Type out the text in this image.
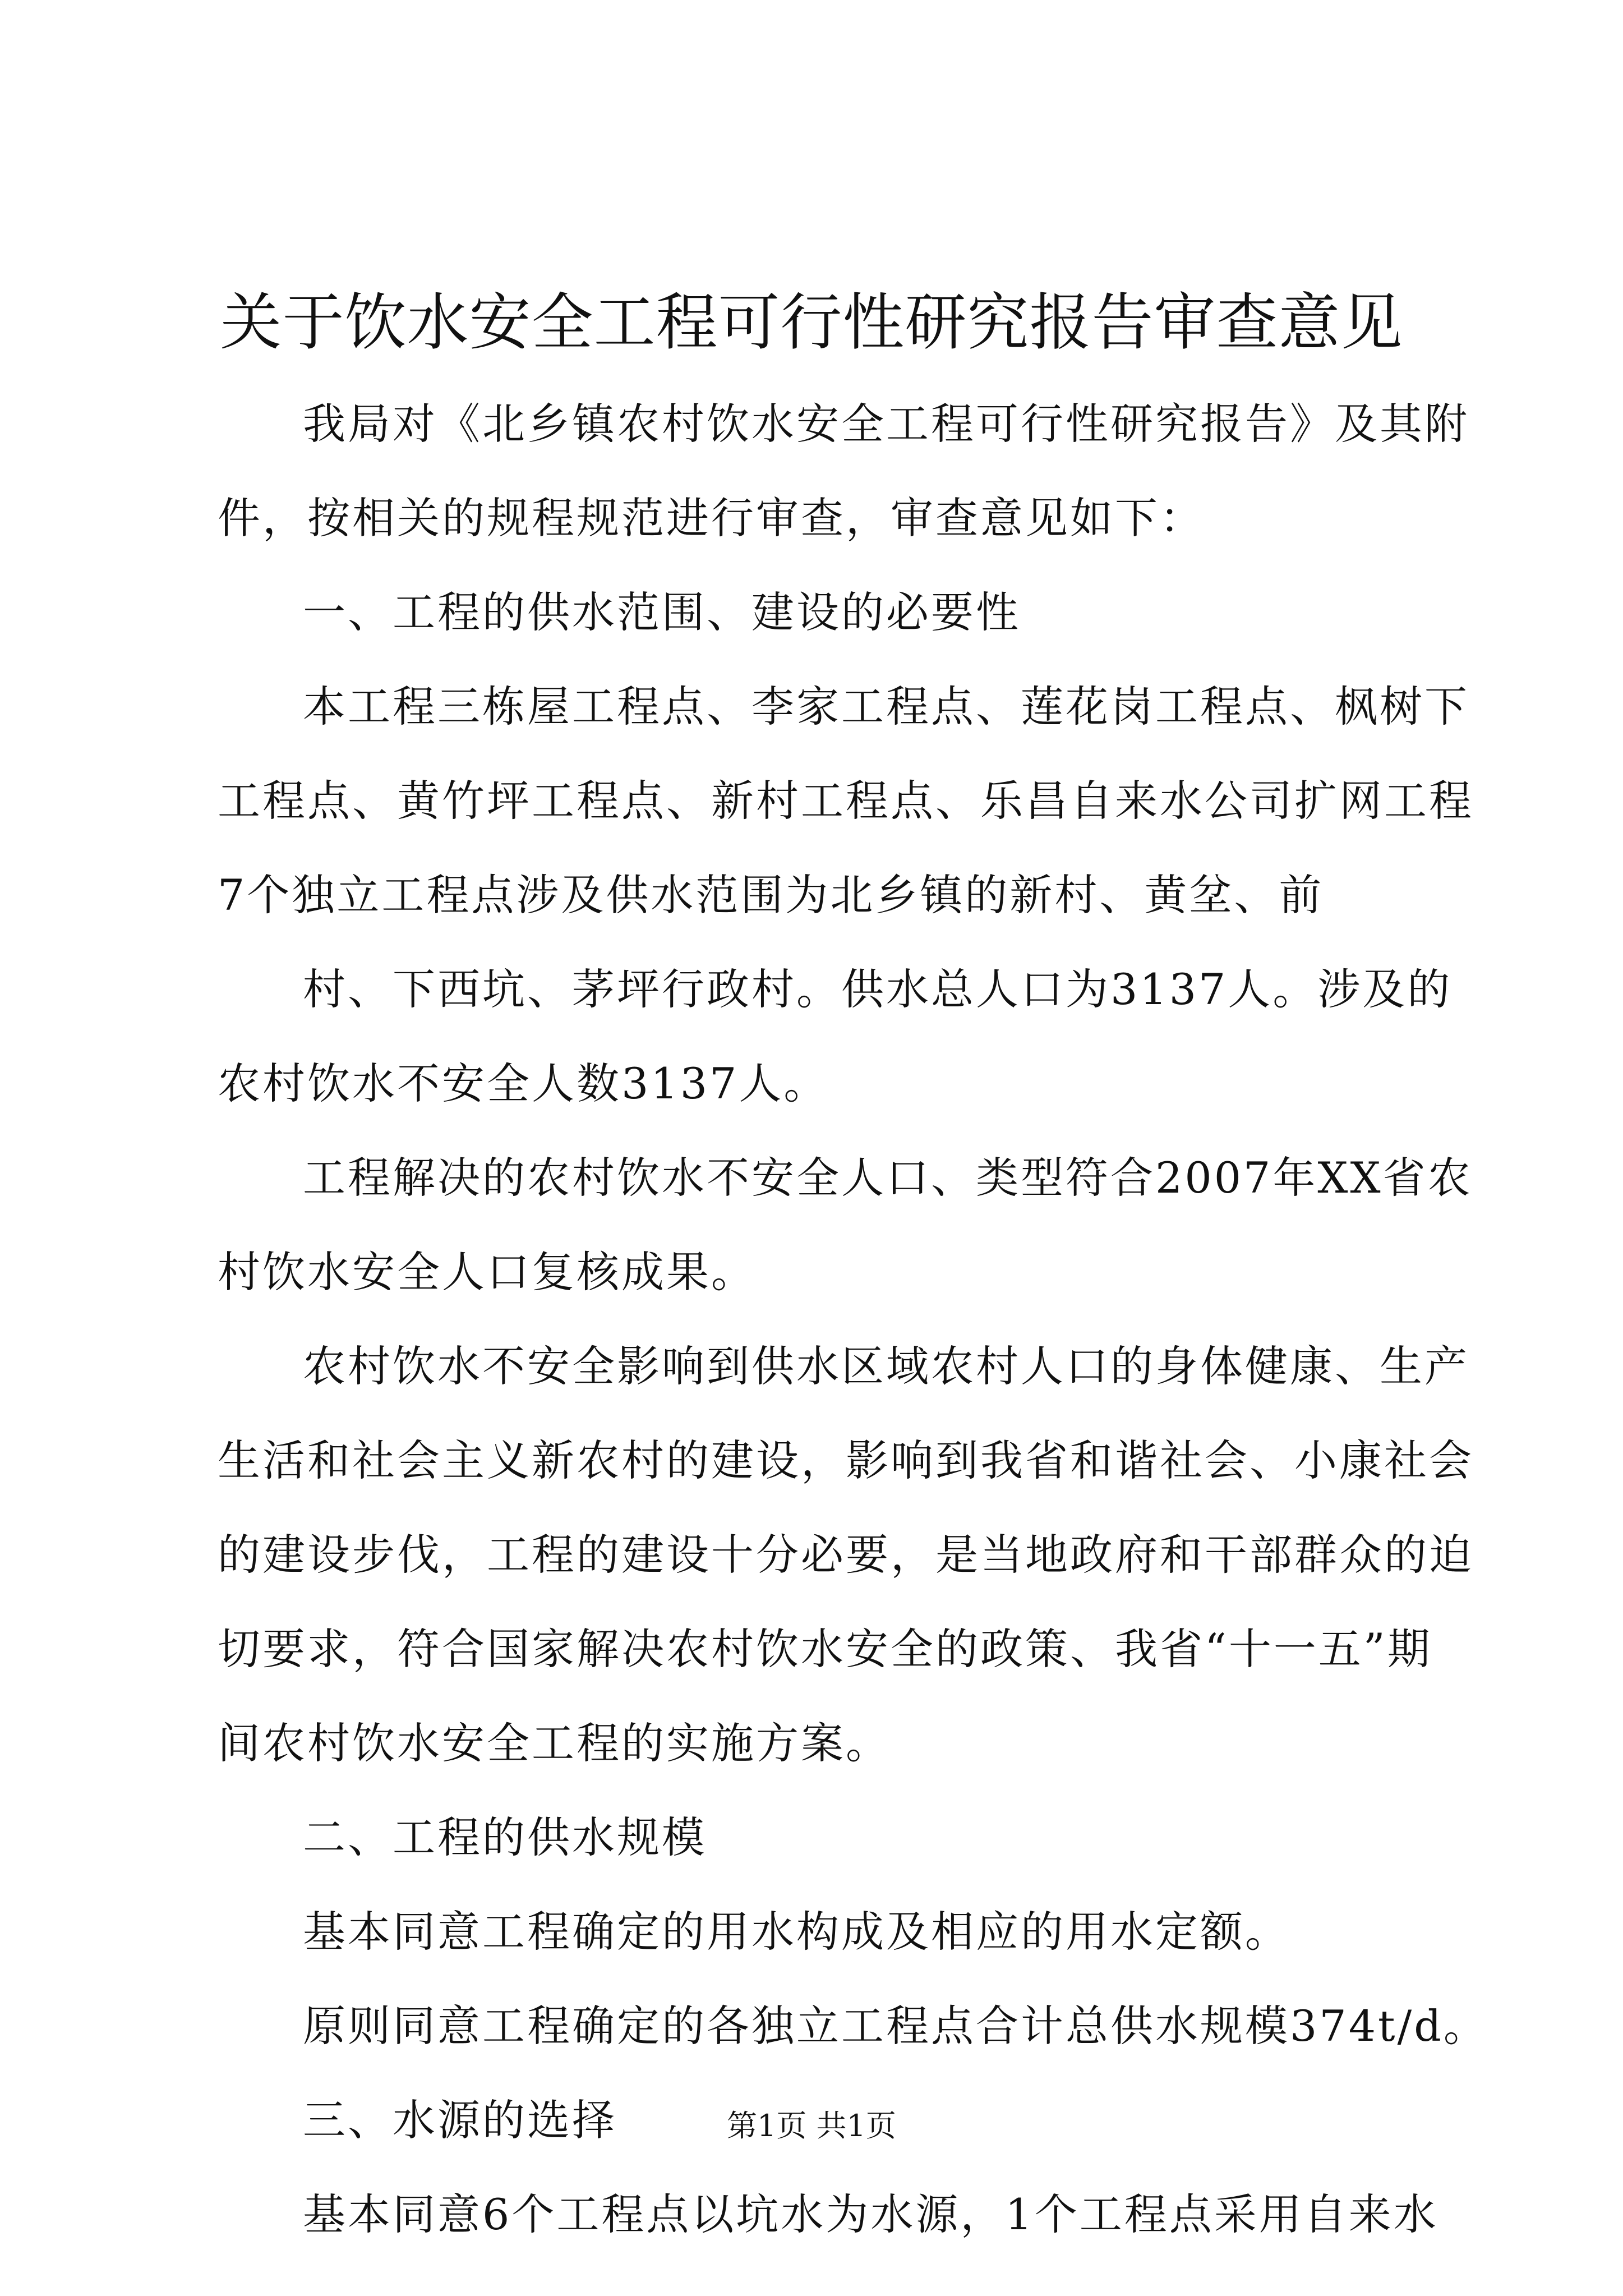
关于饮水安全工程可行性研究报告审查意见
我局对《北乡镇农村饮水安全工程可行性研究报告》及其附
件，按相关的规程规范进行审查，审查意见如下：
一、工程的供水范围、建设的必要性
本工程三栋屋工程点、李家工程点、莲花岗工程点、枫树下
工程点、黄竹坪工程点、新村工程点、乐昌自来水公司扩网工程
7个独立工程点涉及供水范围为北乡镇的新村、黄坌、前
村、下西坑、茅坪行政村。供水总人口为3137人。涉及的
农村饮水不安全人数3137人。
工程解决的农村饮水不安全人口、类型符合2007年XX省农
村饮水安全人口复核成果。
农村饮水不安全影响到供水区域农村人口的身体健康、生产
生活和社会主义新农村的建设，影响到我省和谐社会、小康社会
的建设步伐，工程的建设十分必要，是当地政府和干部群众的迫
切要求，符合国家解决农村饮水安全的政策、我省“十一五”期
间农村饮水安全工程的实施方案。
二、工程的供水规模
基本同意工程确定的用水构成及相应的用水定额。
原则同意工程确定的各独立工程点合计总供水规模374t/d。
三、水源的选择
基本同意6个工程点以坑水为水源，1个工程点采用自来水
第1页 共1页
